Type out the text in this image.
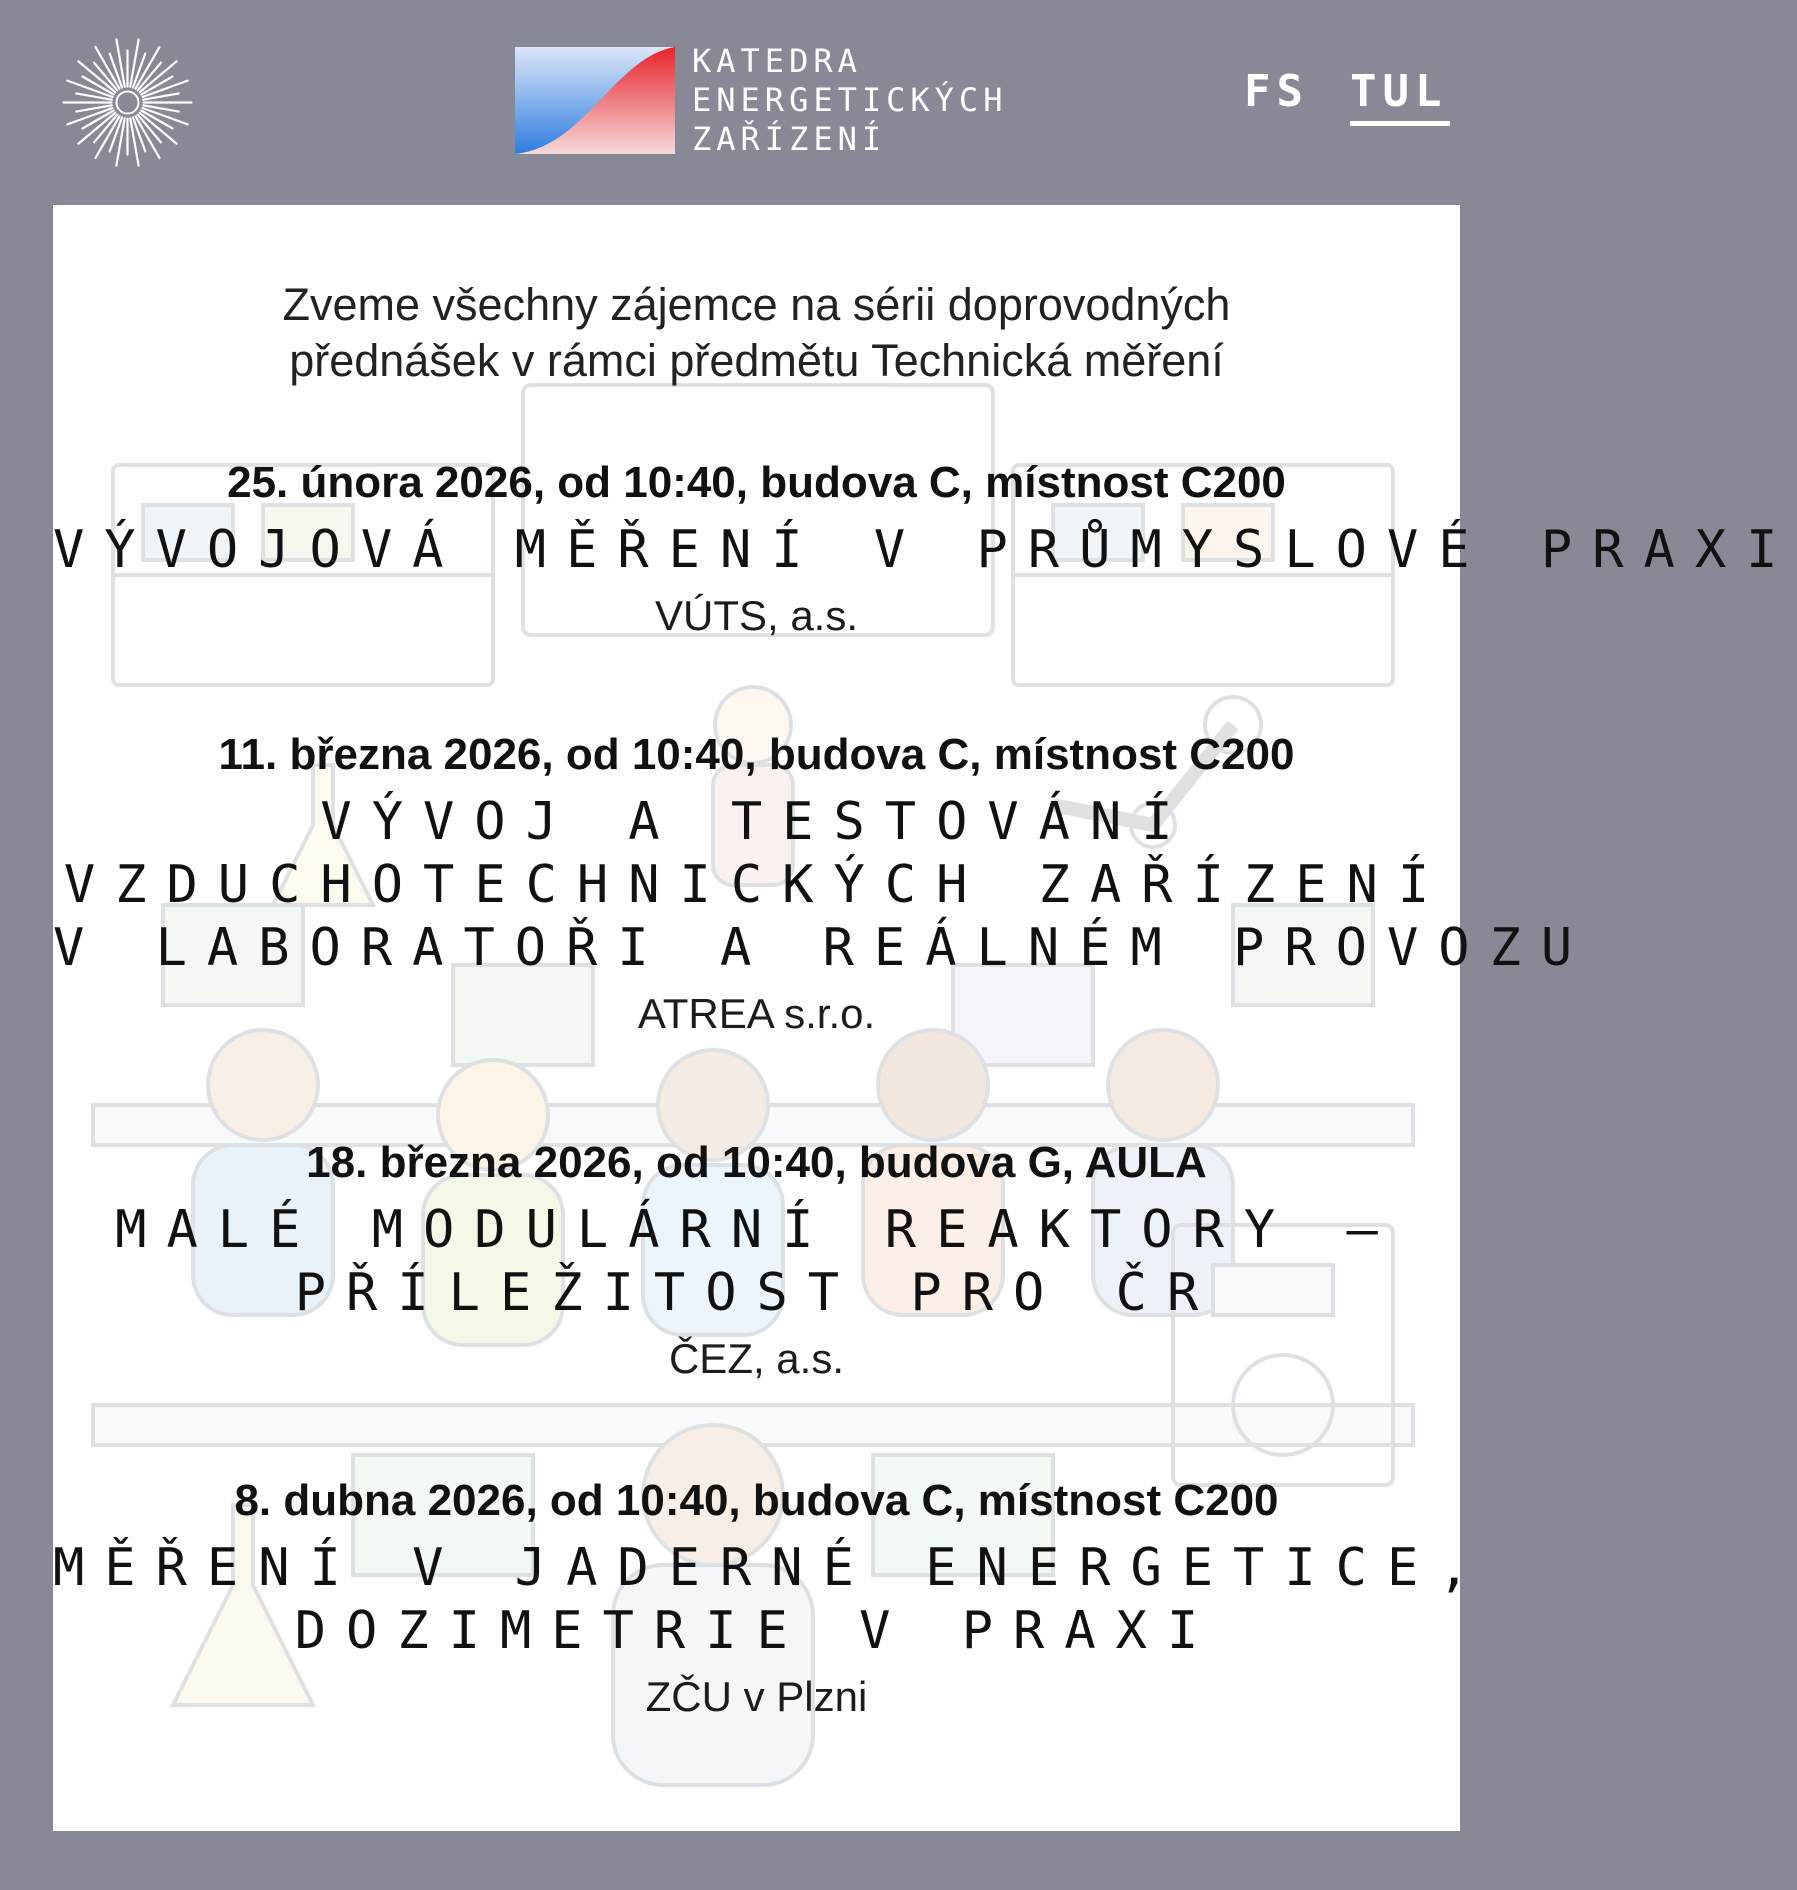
KATEDRA
ENERGETICKÝCH
ZAŘÍZENÍ
FS TUL
Zveme všechny zájemce na sérii doprovodných
přednášek v rámci předmětu Technická měření
25. února 2026, od 10:40, budova C, místnost C200
VÝVOJOVÁ MĚŘENÍ V PRŮMYSLOVÉ PRAXI
VÚTS, a.s.
11. března 2026, od 10:40, budova C, místnost C200
VÝVOJ A TESTOVÁNÍ
VZDUCHOTECHNICKÝCH ZAŘÍZENÍ
V LABORATOŘI A REÁLNÉM PROVOZU
ATREA s.r.o.
18. března 2026, od 10:40, budova G, AULA
MALÉ MODULÁRNÍ REAKTORY –
PŘÍLEŽITOST PRO ČR
ČEZ, a.s.
8. dubna 2026, od 10:40, budova C, místnost C200
MĚŘENÍ V JADERNÉ ENERGETICE,
DOZIMETRIE V PRAXI
ZČU v Plzni
